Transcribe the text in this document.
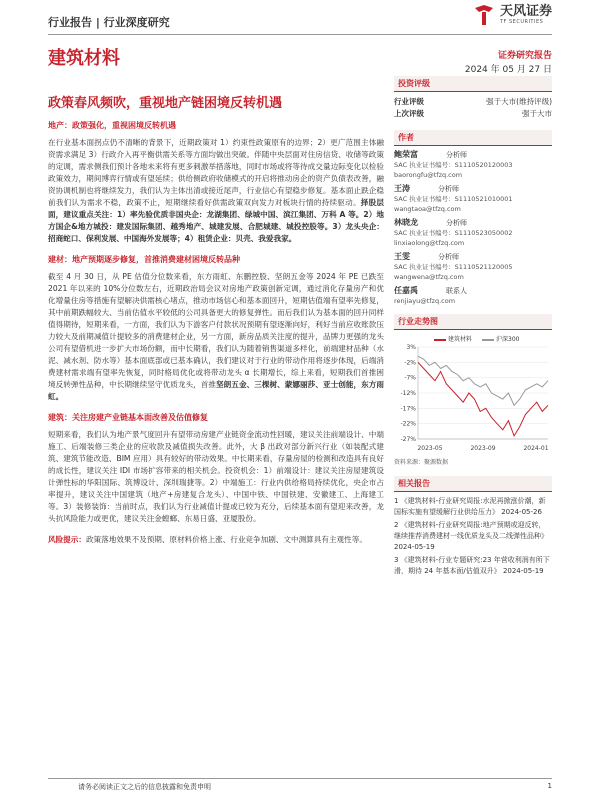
行业报告 | 行业深度研究
天风证券
TF SECURITIES
建筑材料	证券研究报告
2024 年 05 月 27 日
政策春风频吹，重视地产链困境反转机遇
地产：政策强化，重视困境反转机遇
在行业基本面拐点仍不清晰的背景下，近期政策对 1）约束性政策原有的边界；2）更广范围主体融资需求满足 3）行政介入再平衡供需关系等方面均做出突破。伴随中央层面对住房信贷、收储等政策的定调，需求侧我们预计各地未来将有更多刺激举措落地，同时市场或将等待成交量边际变化以检验政策效力，期间博弈行情或有望延续；供给侧政府收储模式的开启将推动房企的资产负债表改善，融资协调机制也将继续发力，我们认为主体出清或接近尾声，行业信心有望稳步修复。基本面止跌企稳前我们认为需求不稳，政策不止，短期继续看好供需政策双向发力对板块行情的持续驱动。择股层面，建议重点关注：1）率先验优质非国央企：龙湖集团、绿城中国、滨江集团、万科 A 等。2）地方国企&地方城投：建发国际集团、越秀地产、城建发展、合肥城建、城投控股等。3）龙头央企：招商蛇口、保利发展、中国海外发展等；4）租赁企业：贝壳、我爱我家。
建材：地产预期逐步修复，首推消费建材困境反转品种
截至 4 月 30 日，从 PE 估值分位数来看，东方雨虹、东鹏控股、坚朗五金等 2024 年 PE 已跌至 2021 年以来的 10%分位数左右，近期政治局会议对房地产政策创新定调，通过消化存量房产和优化增量住房等措施有望解决供需核心堵点，推动市场信心和基本面回升，短期估值端有望率先修复，其中前期跌幅较大、当前估值水平较低的公司具备更大的修复弹性。而后我们认为基本面的回升同样值得期待，短期来看，一方面，我们认为下游客户付款状况预期有望逐渐向好，利好当前应收账款压力较大及前期减值计提较多的消费建材企业，另一方面，新房品质关注度的提升，品牌力更强的龙头公司有望借机进一步扩大市场份额，而中长期看，我们认为随着销售渠道多样化，前端建材品种（水泥、减水剂、防水等）基本面底部或已基本确认，我们建议对于行业的带动作用将逐步体现，后端消费建材需求端有望率先恢复，同时格局优化或将带动龙头 α 长期增长，综上来看，短期我们首推困境反转弹性品种，中长期继续坚守优质龙头，首推坚朗五金、三棵树、蒙娜丽莎、亚士创能，东方雨虹。
建筑：关注房建产业链基本面改善及估值修复
短期来看，我们认为地产景气度回升有望带动房建产业链资金流动性回暖，建议关注前端设计、中端施工、后端装修三类企业的应收款及减值损失改善。此外，大 β 出政对部分新兴行业（如装配式建筑、建筑节能改造、BIM 应用）具有较好的带动效果。中长期来看，存量房屋的检测和改造具有良好的成长性，建议关注 IDI 市场扩容带来的相关机会。投资机会：1）前端设计：建议关注房屋建筑设计弹性标的华阳国际、筑博设计、深圳瑞捷等。2）中端施工：行业内供给格局持续优化，央企市占率提升，建议关注中国建筑（地产+房建复合龙头）、中国中铁、中国铁建、安徽建工、上海建工等。3）装修装饰：当前时点，我们认为行业减值计提或已较为充分，后续基本面有望迎来改善，龙头抗风险能力或更优，建议关注金螳螂、东易日盛、亚厦股份。
风险提示：政策落地效果不及预期、原材料价格上涨、行业竞争加剧、文中测算具有主观性等。
投资评级
行业评级	强于大市(维持评级)
上次评级	强于大市
作者
鲍荣富	分析师
SAC 执业证书编号：S1110520120003
baorongfu@tfzq.com
王涛	分析师
SAC 执业证书编号：S1110521010001
wangtaoa@tfzq.com
林晓龙	分析师
SAC 执业证书编号：S1110523050002
linxiaolong@tfzq.com
王雯	分析师
SAC 执业证书编号：S1110521120005
wangwena@tfzq.com
任嘉禹	联系人
renjiayu@tfzq.com
行业走势图
建筑材料	沪深300
3%
-2%
-7%
-12%
-17%
-22%
-27%
2023-05	2023-09	2024-01
资料来源：聚源数据
相关报告
1 《建筑材料-行业研究周报:水泥再掀涨价潮，新国标实施有望缓解行业供给压力》 2024-05-26
2 《建筑材料-行业研究周报:地产预期或迎反转，继续推荐消费建材一线优质龙头及二线弹性品种》 2024-05-19
3 《建筑材料-行业专题研究:23 年营收利润有所下滑，期待 24 年基本面/估值双升》 2024-05-19
请务必阅读正文之后的信息披露和免责申明	1
